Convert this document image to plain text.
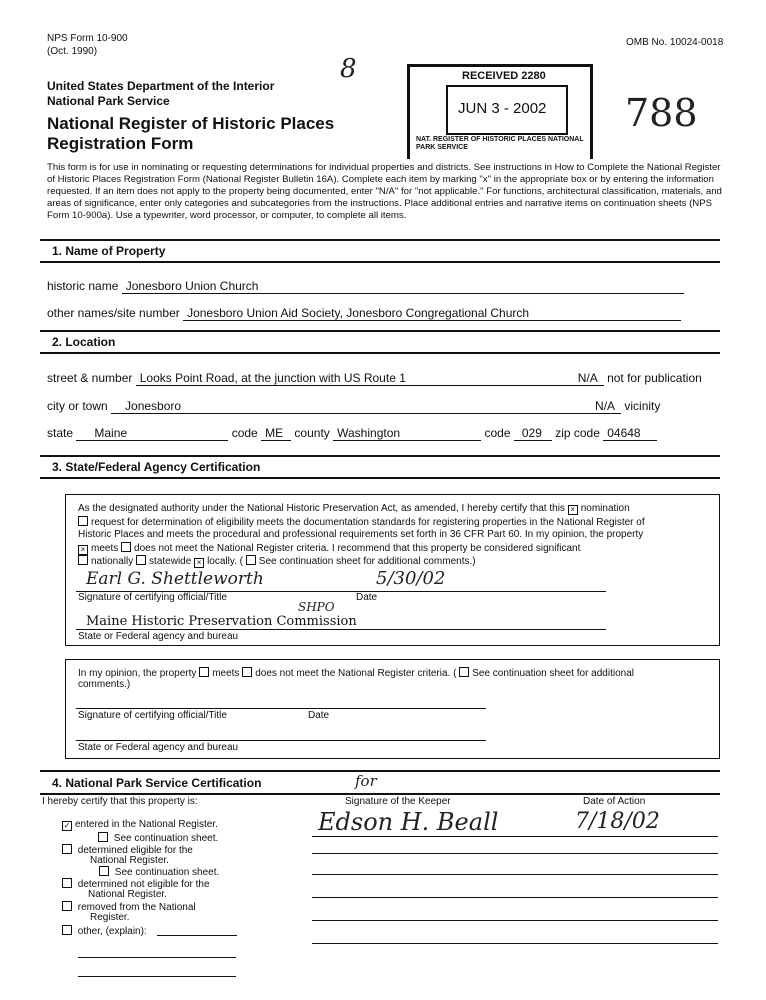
NPS Form 10-900
(Oct. 1990)
OMB No. 10024-0018
United States Department of the Interior
National Park Service
National Register of Historic Places
Registration Form
8	RECEIVED 2280
JUN 3 - 2002
NAT. REGISTER OF HISTORIC PLACES NATIONAL PARK SERVICE
788
This form is for use in nominating or requesting determinations for individual properties and districts. See instructions in How to Complete the National Register of Historic Places Registration Form (National Register Bulletin 16A). Complete each item by marking "x" in the appropriate box or by entering the information requested. If an item does not apply to the property being documented, enter "N/A" for "not applicable." For functions, architectural classification, materials, and areas of significance, enter only categories and subcategories from the instructions. Place additional entries and narrative items on continuation sheets (NPS Form 10-900a). Use a typewriter, word processor, or computer, to complete all items.
1. Name of Property
historic name Jonesboro Union Church
other names/site number Jonesboro Union Aid Society, Jonesboro Congregational Church
2. Location
street & number Looks Point Road, at the junction with US Route 1	N/A not for publication
city or town Jonesboro	N/A vicinity
state Maine	code ME county Washington	code 029 zip code 04648
3. State/Federal Agency Certification
As the designated authority under the National Historic Preservation Act, as amended, I hereby certify that this × nomination
request for determination of eligibility meets the documentation standards for registering properties in the National Register of
Historic Places and meets the procedural and professional requirements set forth in 36 CFR Part 60. In my opinion, the property
× meets does not meet the National Register criteria. I recommend that this property be considered significant
nationally statewide × locally. ( See continuation sheet for additional comments.)
Earl G. Shettleworth	5/30/02
Signature of certifying official/Title	Date
SHPO
Maine Historic Preservation Commission
State or Federal agency and bureau
In my opinion, the property meets does not meet the National Register criteria. ( See continuation sheet for additional
comments.)
Signature of certifying official/Title	Date
State or Federal agency and bureau
4. National Park Service Certification
I hereby certify that this property is:	Signature of the Keeper	Date of Action
for
Edson H. Beall	7/18/02
✓ entered in the National Register.
See continuation sheet.
determined eligible for the
National Register.
See continuation sheet.
determined not eligible for the
National Register.
removed from the National
Register.
other, (explain):
